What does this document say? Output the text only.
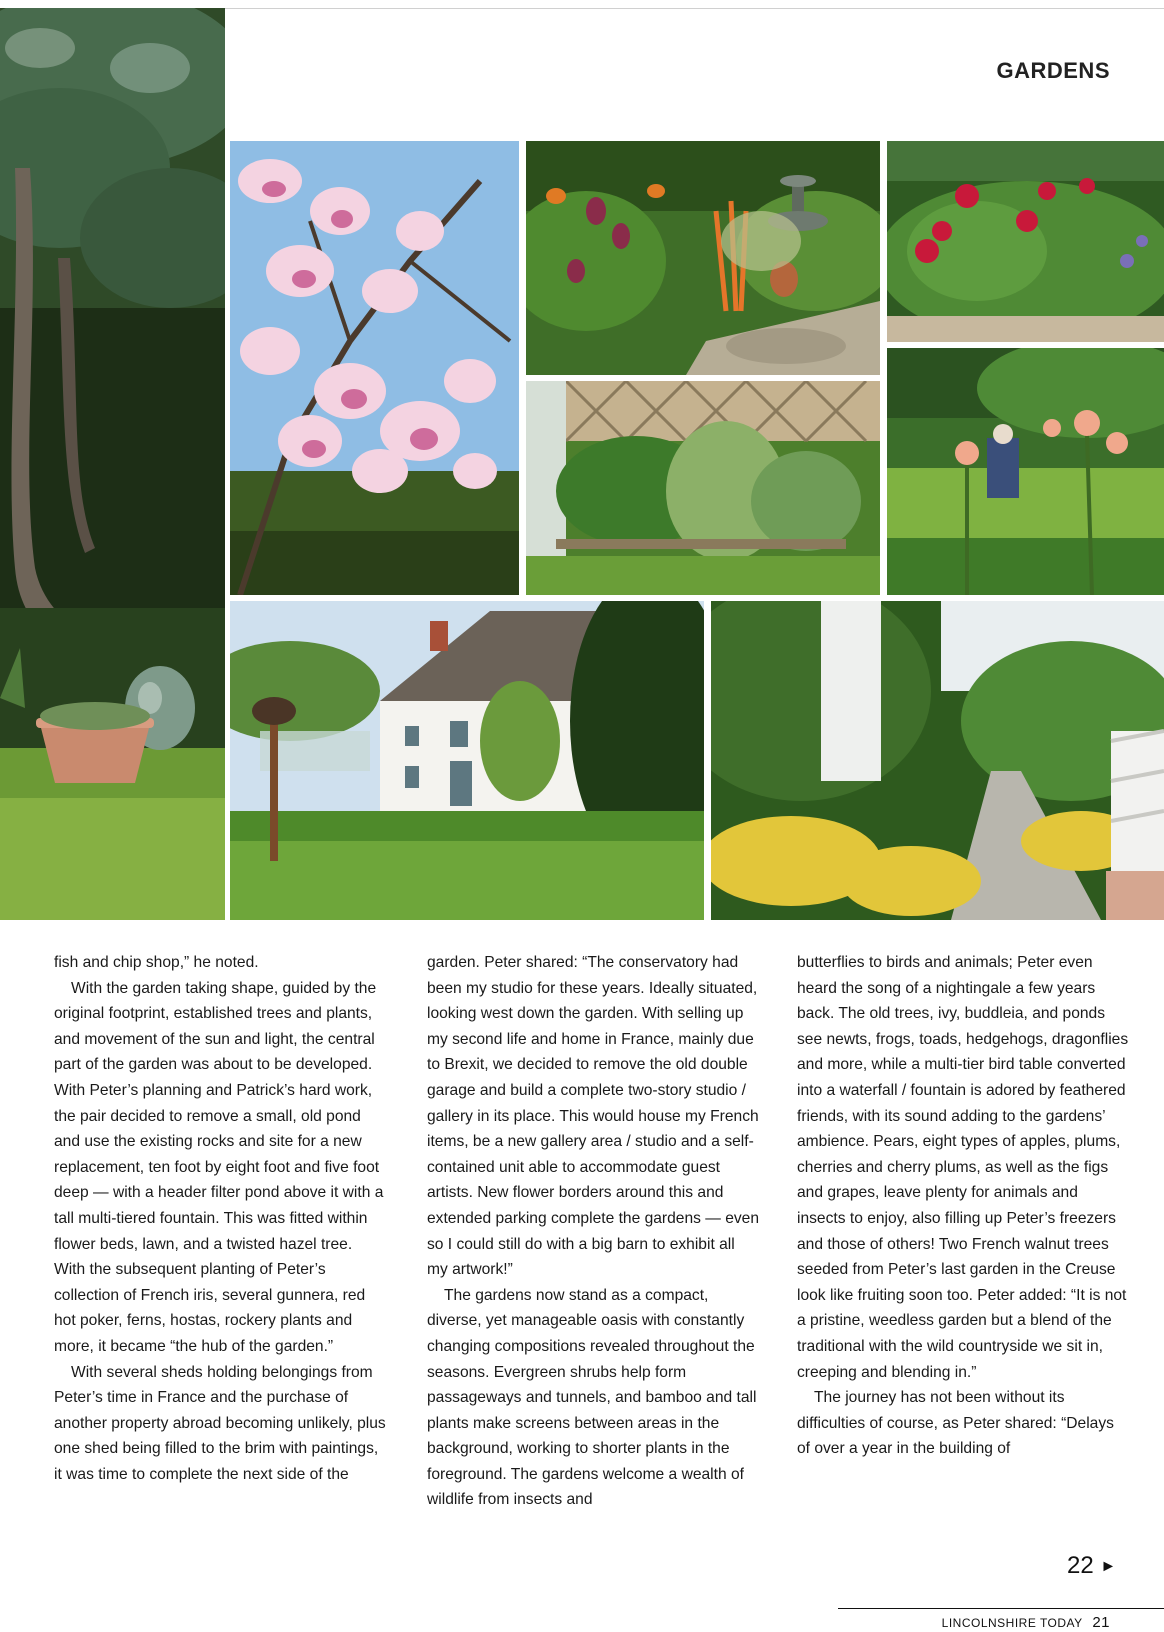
GARDENS

fish and chip shop,” he noted.

With the garden taking shape, guided by the original footprint, established trees and plants, and movement of the sun and light, the central part of the garden was about to be developed. With Peter’s planning and Patrick’s hard work, the pair decided to remove a small, old pond and use the existing rocks and site for a new replacement, ten foot by eight foot and five foot deep — with a header filter pond above it with a tall multi-tiered fountain. This was fitted within flower beds, lawn, and a twisted hazel tree. With the subsequent planting of Peter’s collection of French iris, several gunnera, red hot poker, ferns, hostas, rockery plants and more, it became “the hub of the garden.”

With several sheds holding belongings from Peter’s time in France and the purchase of another property abroad becoming unlikely, plus one shed being filled to the brim with paintings, it was time to complete the next side of the

garden. Peter shared: “The conservatory had been my studio for these years. Ideally situated, looking west down the garden. With selling up my second life and home in France, mainly due to Brexit, we decided to remove the old double garage and build a complete two-story studio / gallery in its place. This would house my French items, be a new gallery area / studio and a self-contained unit able to accommodate guest artists. New flower borders around this and extended parking complete the gardens — even so I could still do with a big barn to exhibit all my artwork!”

The gardens now stand as a compact, diverse, yet manageable oasis with constantly changing compositions revealed throughout the seasons. Evergreen shrubs help form passageways and tunnels, and bamboo and tall plants make screens between areas in the background, working to shorter plants in the foreground. The gardens welcome a wealth of wildlife from insects and

butterflies to birds and animals; Peter even heard the song of a nightingale a few years back. The old trees, ivy, buddleia, and ponds see newts, frogs, toads, hedgehogs, dragonflies and more, while a multi-tier bird table converted into a waterfall / fountain is adored by feathered friends, with its sound adding to the gardens’ ambience. Pears, eight types of apples, plums, cherries and cherry plums, as well as the figs and grapes, leave plenty for animals and insects to enjoy, also filling up Peter’s freezers and those of others! Two French walnut trees seeded from Peter’s last garden in the Creuse look like fruiting soon too. Peter added: “It is not a pristine, weedless garden but a blend of the traditional with the wild countryside we sit in, creeping and blending in.”

The journey has not been without its difficulties of course, as Peter shared: “Delays of over a year in the building of

22 ►
LINCOLNSHIRE TODAY 21
